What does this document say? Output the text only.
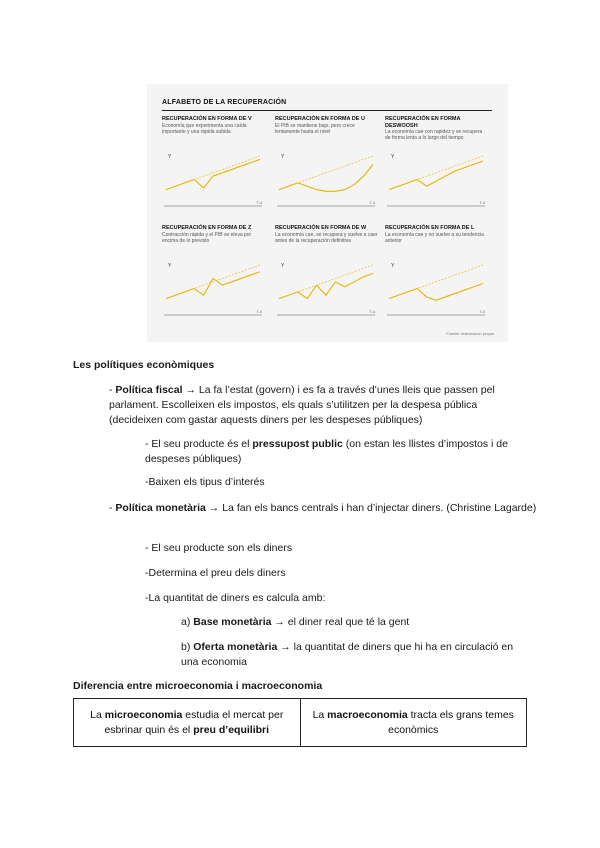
ALFABETO DE LA RECUPERACIÓN
RECUPERACIÓN EN FORMA DE V
Economía que experimenta una caída importante y una rápida subida
Y
T-4
RECUPERACIÓN EN FORMA DE U
El PIB se mantiene bajo, pero crece lentamente hasta el nivel
Y
T-4
RECUPERACIÓN EN FORMA DESWOOSH
La economía cae con rapidez y se recupera de forma lenta a lo largo del tiempo
Y
T-4
RECUPERACIÓN EN FORMA DE Z
Contracción rápida y el PIB se eleva por encima de lo previsto
Y
T-4
RECUPERACIÓN EN FORMA DE W
La economía cae, se recupera y vuelve a caer antes de la recuperación definitiva
Y
T-4
RECUPERACIÓN EN FORMA DE L
La economía cae y no vuelve a su tendencia anterior
Y
T-4
Fuente: elaboración propia
Les polítiques econòmiques
- Política fiscal → La fa l’estat (govern) i es fa a través d’unes lleis que passen pel parlament. Escolleixen els impostos, els quals s’utilitzen per la despesa pública (decideixen com gastar aquests diners per les despeses públiques)
- El seu producte és el pressupost public (on estan les llistes d’impostos i de despeses públiques)
-Baixen els tipus d’interés
- Política monetària → La fan els bancs centrals i han d’injectar diners. (Christine Lagarde)
- El seu producte son els diners
-Determina el preu dels diners
-La quantitat de diners es calcula amb:
a) Base monetària → el diner real que té la gent
b) Oferta monetària → la quantitat de diners que hi ha en circulació en una economia
Diferencia entre microeconomia i macroeconomia
La microeconomia estudia el mercat per esbrinar quin és el preu d’equilibri
La macroeconomia tracta els grans temes econòmics
